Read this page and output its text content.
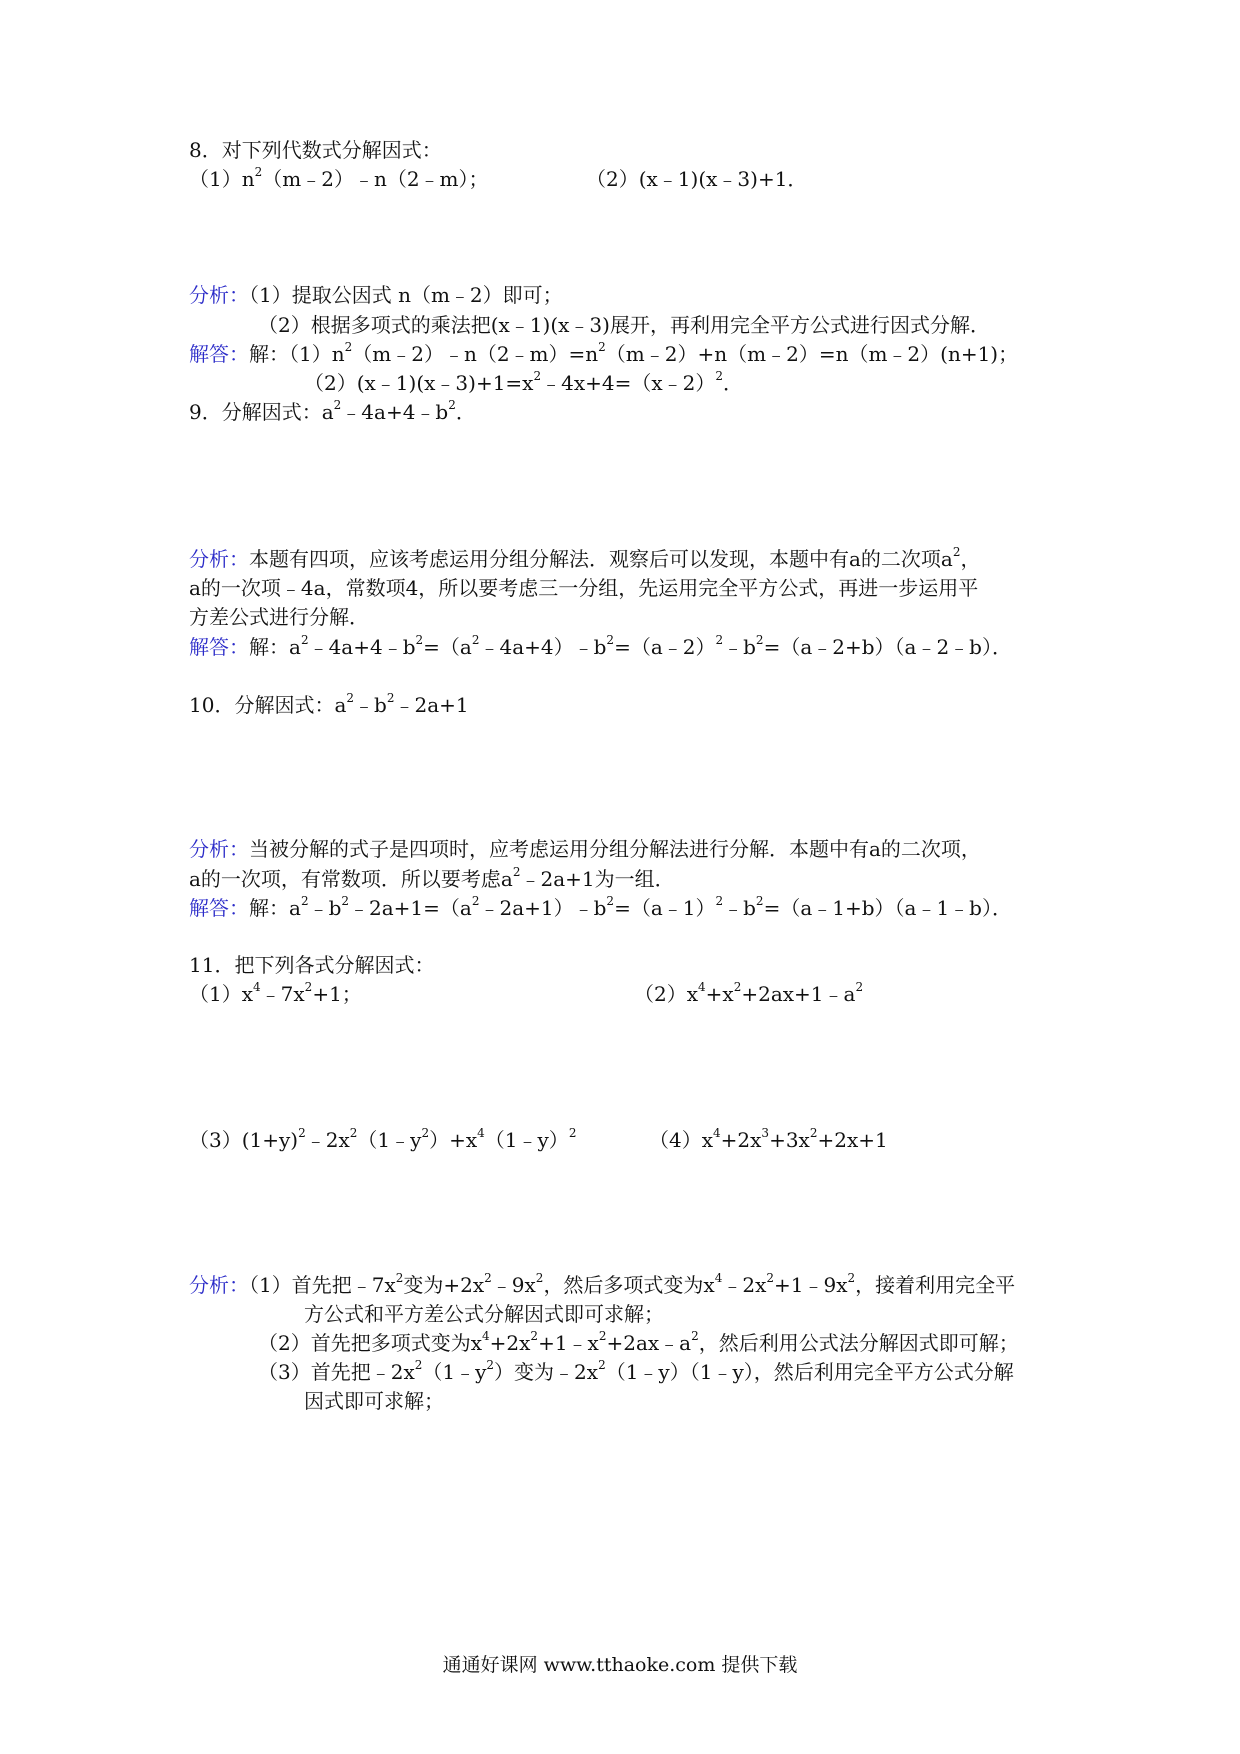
8．对下列代数式分解因式：
$(1)n^2(m﹣2)﹣n(2﹣m)$；	（2）(x﹣1)(x﹣3)+1．
分析：（1）提取公因式 n（m﹣2）即可；
（2）根据多项式的乘法把(x﹣1)(x﹣3)展开，再利用完全平方公式进行因式分解．
解答：解：$(1)n^2(m﹣2)﹣n(2﹣m)=n^2(m﹣2)+n(m﹣2)=n(m﹣2)(n+1)$；
$(2)(x﹣1)(x﹣3)+1=x^2﹣4x+4=(x﹣2)^2$．
9．分解因式：$a^2﹣4a+4﹣b^2$．
分析：本题有四项，应该考虑运用分组分解法．观察后可以发现，本题中有a的二次项$a^2$，
a的一次项﹣4a，常数项4，所以要考虑三一分组，先运用完全平方公式，再进一步运用平
方差公式进行分解．
解答：解：$a^2﹣4a+4﹣b^2=(a^2﹣4a+4)﹣b^2=(a﹣2)^2﹣b^2=(a﹣2+b)(a﹣2﹣b)$．
10．分解因式：$a^2﹣b^2﹣2a+1$
分析：当被分解的式子是四项时，应考虑运用分组分解法进行分解．本题中有a的二次项，
a的一次项，有常数项．所以要考虑$a^2﹣2a+1$为一组．
解答：解：$a^2﹣b^2﹣2a+1=(a^2﹣2a+1)﹣b^2=(a﹣1)^2﹣b^2=(a﹣1+b)(a﹣1﹣b)$．
11．把下列各式分解因式：
$(1)x^4﹣7x^2+1$；	$(2)x^4+x^2+2ax+1﹣a^2$
$(3)(1+y)^2﹣2x^2(1﹣y^2)+x^4(1﹣y)^2$	$(4)x^4+2x^3+3x^2+2x+1$
分析：（1）首先把$﹣7x^2$变为$+2x^2﹣9x^2$，然后多项式变为$x^4﹣2x^2+1﹣9x^2$，接着利用完全平
方公式和平方差公式分解因式即可求解；
（2）首先把多项式变为$x^4+2x^2+1﹣x^2+2ax﹣a^2$，然后利用公式法分解因式即可解；
（3）首先把$﹣2x^2(1﹣y^2)$变为$﹣2x^2(1﹣y)(1﹣y)$，然后利用完全平方公式分解
因式即可求解；
通通好课网 www.tthaoke.com 提供下载
